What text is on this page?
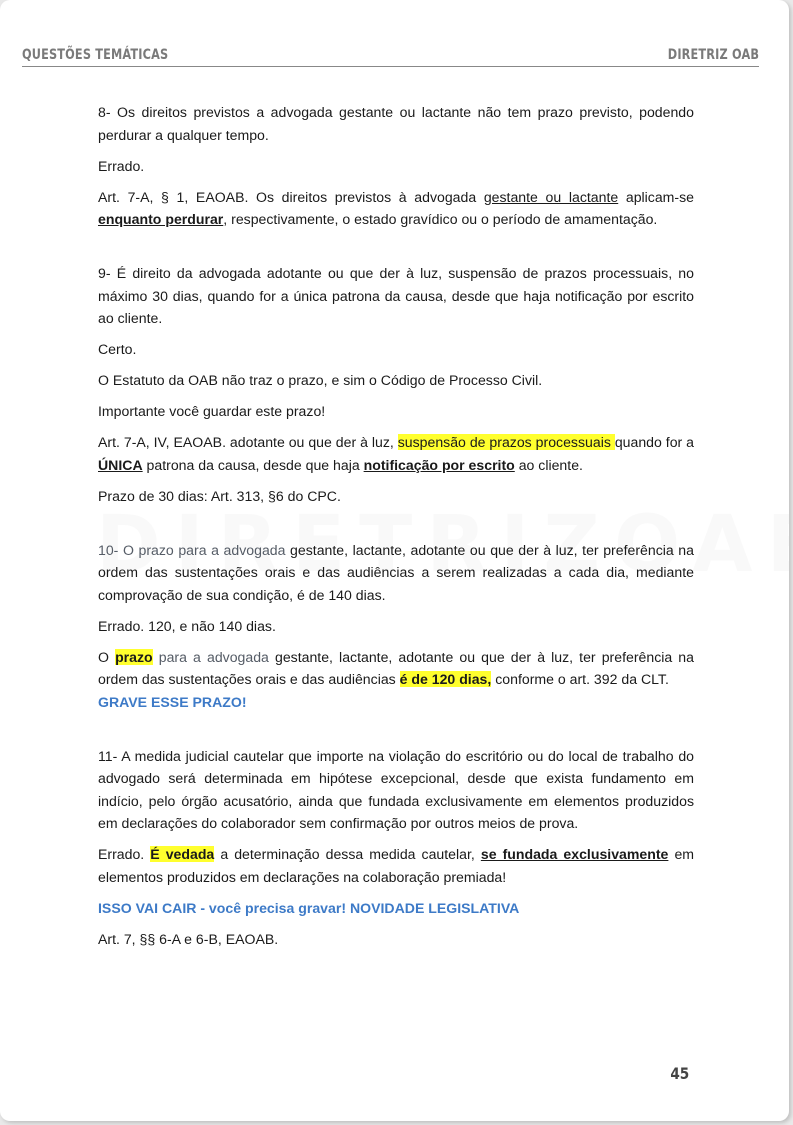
QUESTÕES TEMÁTICAS	DIRETRIZ OAB

8- Os direitos previstos a advogada gestante ou lactante não tem prazo previsto, podendo perdurar a qualquer tempo.

Errado.

Art. 7-A, § 1, EAOAB. Os direitos previstos à advogada gestante ou lactante aplicam-se enquanto perdurar, respectivamente, o estado gravídico ou o período de amamentação.

9- É direito da advogada adotante ou que der à luz, suspensão de prazos processuais, no máximo 30 dias, quando for a única patrona da causa, desde que haja notificação por escrito ao cliente.

Certo.

O Estatuto da OAB não traz o prazo, e sim o Código de Processo Civil.

Importante você guardar este prazo!

Art. 7-A, IV, EAOAB. adotante ou que der à luz, suspensão de prazos processuais quando for a ÚNICA patrona da causa, desde que haja notificação por escrito ao cliente.

Prazo de 30 dias: Art. 313, §6 do CPC.

10- O prazo para a advogada gestante, lactante, adotante ou que der à luz, ter preferência na ordem das sustentações orais e das audiências a serem realizadas a cada dia, mediante comprovação de sua condição, é de 140 dias.

Errado. 120, e não 140 dias.

O prazo para a advogada gestante, lactante, adotante ou que der à luz, ter preferência na ordem das sustentações orais e das audiências é de 120 dias, conforme o art. 392 da CLT.

GRAVE ESSE PRAZO!

11- A medida judicial cautelar que importe na violação do escritório ou do local de trabalho do advogado será determinada em hipótese excepcional, desde que exista fundamento em indício, pelo órgão acusatório, ainda que fundada exclusivamente em elementos produzidos em declarações do colaborador sem confirmação por outros meios de prova.

Errado. É vedada a determinação dessa medida cautelar, se fundada exclusivamente em elementos produzidos em declarações na colaboração premiada!

ISSO VAI CAIR - você precisa gravar! NOVIDADE LEGISLATIVA

Art. 7, §§ 6-A e 6-B, EAOAB.

45
